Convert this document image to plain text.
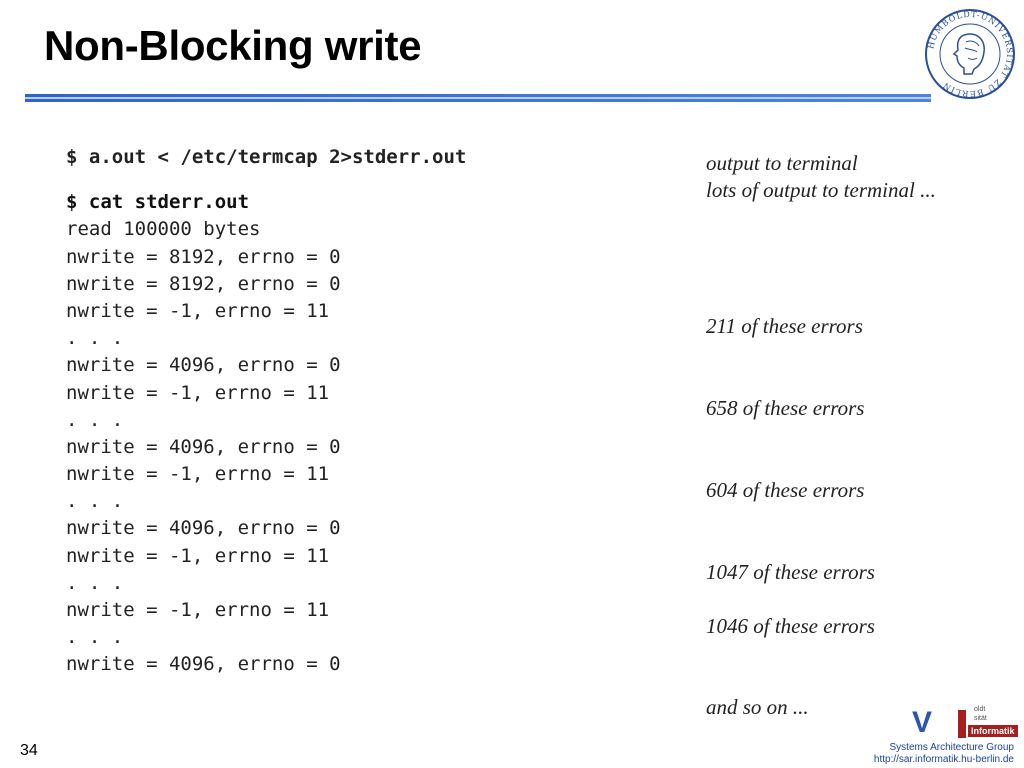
Non-Blocking write	HUMBOLDT-UNIVERSITÄT ZU BERLIN
$ a.out < /etc/termcap 2>stderr.out
$ cat stderr.out
read 100000 bytes
nwrite = 8192, errno = 0
nwrite = 8192, errno = 0
nwrite = -1, errno = 11
. . .
nwrite = 4096, errno = 0
nwrite = -1, errno = 11
. . .
nwrite = 4096, errno = 0
nwrite = -1, errno = 11
. . .
nwrite = 4096, errno = 0
nwrite = -1, errno = 11
. . .
nwrite = -1, errno = 11
. . .
nwrite = 4096, errno = 0
output to terminal
lots of output to terminal ...
211 of these errors
658 of these errors
604 of these errors
1047 of these errors
1046 of these errors
and so on ...
34
V	oldt
sität
Informatik
Systems Architecture Group
http://sar.informatik.hu-berlin.de
